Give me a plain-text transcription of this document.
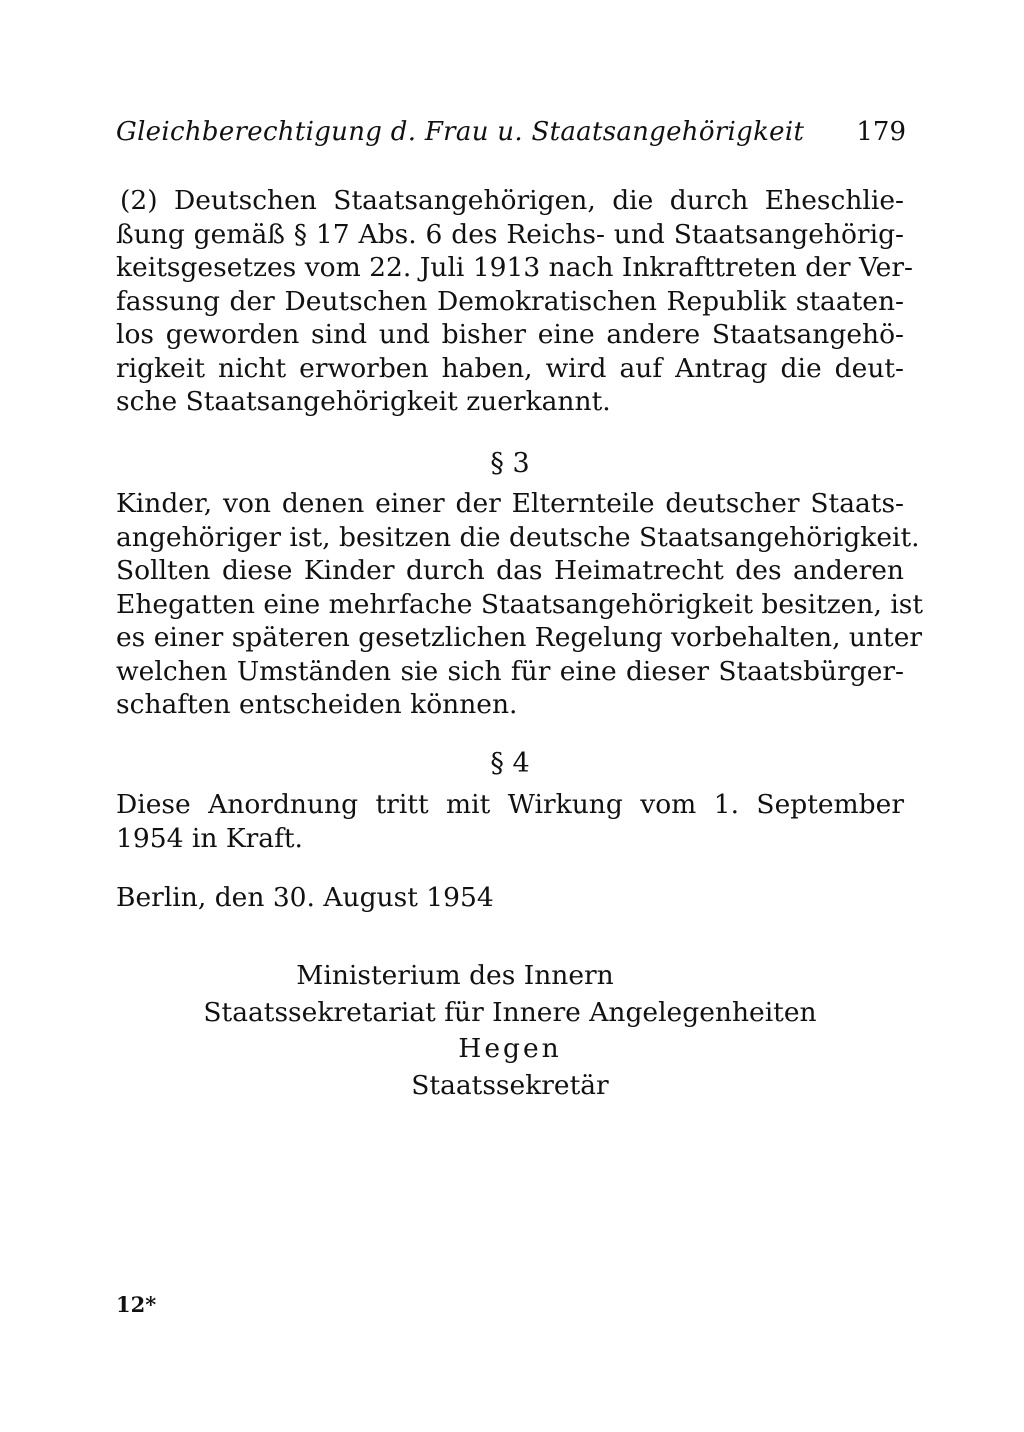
Gleichberechtigung d. Frau u. Staatsangehörigkeit 179
(2) Deutschen Staatsangehörigen, die durch Eheschlie-
ßung gemäß § 17 Abs. 6 des Reichs- und Staatsangehörig-
keitsgesetzes vom 22. Juli 1913 nach Inkrafttreten der Ver-
fassung der Deutschen Demokratischen Republik staaten-
los geworden sind und bisher eine andere Staatsangehö-
rigkeit nicht erworben haben, wird auf Antrag die deut-
sche Staatsangehörigkeit zuerkannt.
§ 3
Kinder, von denen einer der Elternteile deutscher Staats-
angehöriger ist, besitzen die deutsche Staatsangehörigkeit.
Sollten diese Kinder durch das Heimatrecht des anderen
Ehegatten eine mehrfache Staatsangehörigkeit besitzen, ist
es einer späteren gesetzlichen Regelung vorbehalten, unter
welchen Umständen sie sich für eine dieser Staatsbürger-
schaften entscheiden können.
§ 4
Diese Anordnung tritt mit Wirkung vom 1. September
1954 in Kraft.
Berlin, den 30. August 1954
Ministerium des Innern
Staatssekretariat für Innere Angelegenheiten
Hegen
Staatssekretär
12*
